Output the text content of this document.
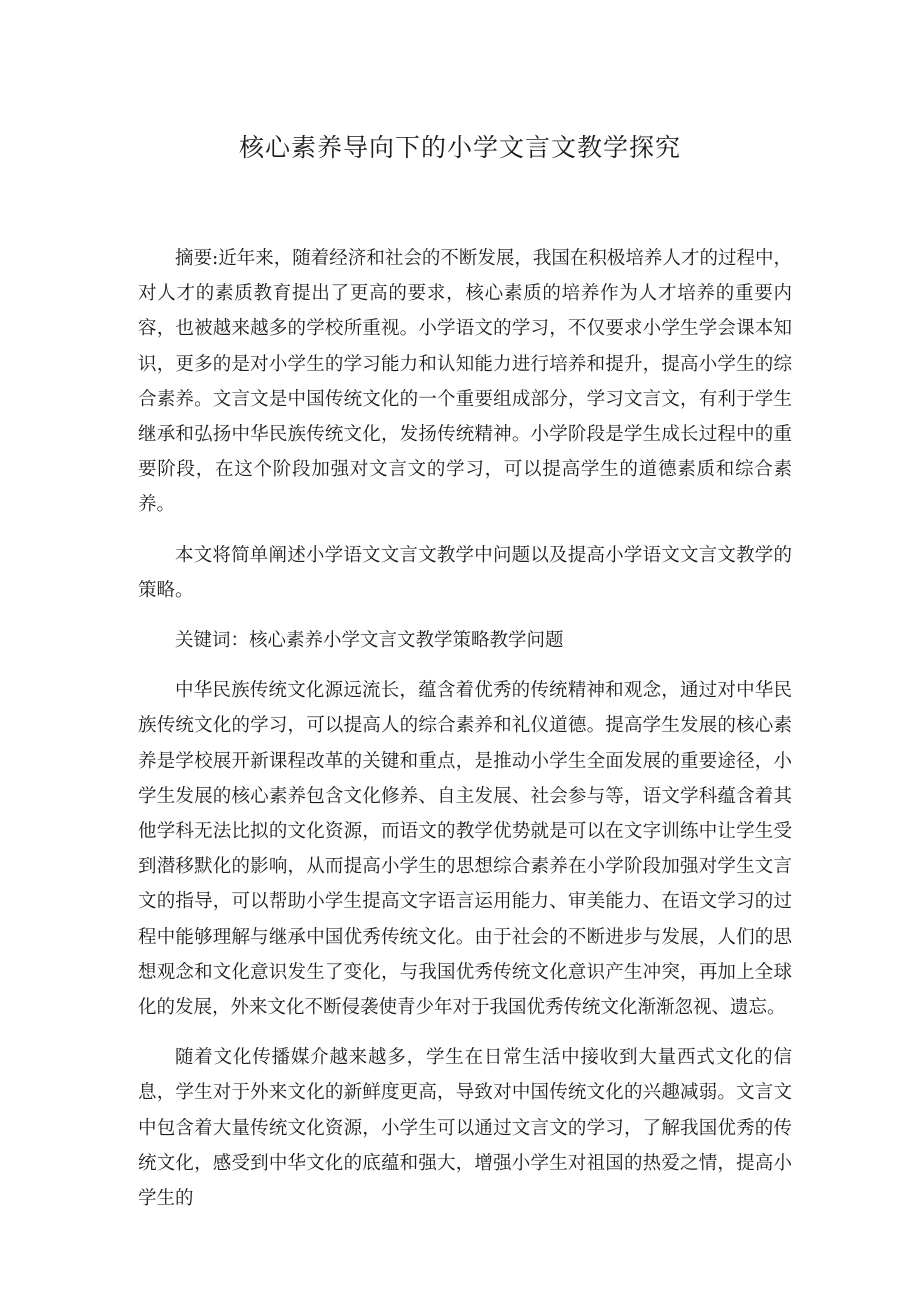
核心素养导向下的小学文言文教学探究

摘要:近年来，随着经济和社会的不断发展，我国在积极培养人才的过程中，对人才的素质教育提出了更高的要求，核心素质的培养作为人才培养的重要内容，也被越来越多的学校所重视。小学语文的学习，不仅要求小学生学会课本知识，更多的是对小学生的学习能力和认知能力进行培养和提升，提高小学生的综合素养。文言文是中国传统文化的一个重要组成部分，学习文言文，有利于学生继承和弘扬中华民族传统文化，发扬传统精神。小学阶段是学生成长过程中的重要阶段，在这个阶段加强对文言文的学习，可以提高学生的道德素质和综合素养。

本文将简单阐述小学语文文言文教学中问题以及提高小学语文文言文教学的策略。

关键词：核心素养小学文言文教学策略教学问题

中华民族传统文化源远流长，蕴含着优秀的传统精神和观念，通过对中华民族传统文化的学习，可以提高人的综合素养和礼仪道德。提高学生发展的核心素养是学校展开新课程改革的关键和重点，是推动小学生全面发展的重要途径，小学生发展的核心素养包含文化修养、自主发展、社会参与等，语文学科蕴含着其他学科无法比拟的文化资源，而语文的教学优势就是可以在文字训练中让学生受到潜移默化的影响，从而提高小学生的思想综合素养在小学阶段加强对学生文言文的指导，可以帮助小学生提高文字语言运用能力、审美能力、在语文学习的过程中能够理解与继承中国优秀传统文化。由于社会的不断进步与发展，人们的思想观念和文化意识发生了变化，与我国优秀传统文化意识产生冲突，再加上全球化的发展，外来文化不断侵袭使青少年对于我国优秀传统文化渐渐忽视、遗忘。

随着文化传播媒介越来越多，学生在日常生活中接收到大量西式文化的信息，学生对于外来文化的新鲜度更高，导致对中国传统文化的兴趣减弱。文言文中包含着大量传统文化资源，小学生可以通过文言文的学习，了解我国优秀的传统文化，感受到中华文化的底蕴和强大，增强小学生对祖国的热爱之情，提高小学生的
